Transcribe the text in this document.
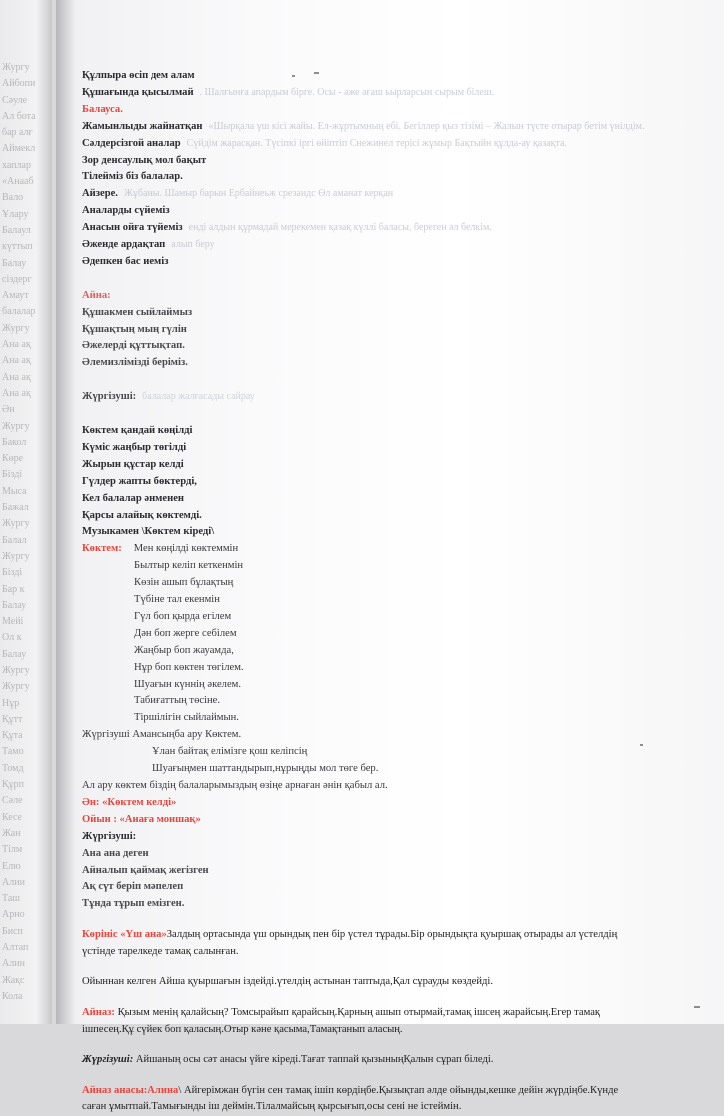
Жургу
Айбопи
Сәуле
Ал бота
бар алғ
Аймекл
хаплар
«Анааб
Вало
Ұлару
Балаул
күттып
Балау
сіздерг
Амаут
балалар
Жургу
Ана ақ
Ана ақ
Ана ақ
Ана ақ
Ән
Жургу
Бакол
Көре
Бізді
Мыса
Бажал
Жургу
Балал
Жургу
Бізді
Бар к
Балау
Мейі
Ол к
Балау
Жургу
Жургу
Нұр
Құтт
Құта
Тамо
Томд
Құрп
Сәле
Кесе
Жан
Тілм
Елю
Алии
Таш
Арно
Бисп
Алтап
Алин
Жақс
Кола
Құлпыра өсіп дем алам
Құшағында қысылмай . Шалғынға апардым бірге. Осы - әже ағаш ьырларсын сырым білеш.
Балауса.
Жамынлыды жайнатқан «Шырқала үш кісі жайы. Ел-жұртымның ебі. Бегіллер қыз тізімі – Жалын түсте отырар бетім үнілдім.
Сәлдерсізгой аналар Сүйдім жарасқан. Түсіпкі іргі өйіптіп Снежинел терісі жұмыр Бақтыйн құлда-ау қазақта.
Зор денсаулық мол бақыт
Тілейміз біз балалар.
Айзере. Жұбаны. Шамыр барын Ербайнеьж срезандс Өл аманат керқан
Аналарды сүйеміз
Анасын ойға түйеміз енді алдын құрмадай мерекемен қазақ күллі баласы, береген әл белкім.
Әженде ардақтап алып беру
Әдепкен бас иеміз
Айна:
Құшакмен сыйлаймыз
Құшақтың мың гүлін
Әжелерді құттықтап.
Әлемизлімізді беріміз.
Жүргізуші: балалар жалғасады сайрау
Көктем қандай көңілді
Күміс жаңбыр төгілді
Жырын құстар келді
Гүлдер жапты бөктерді,
Кел балалар әнменен
Қарсы алайық көктемді.
Музыкамен \Көктем кіреді\
Көктем: Мен көңілді көктеммін
Былтыр келіп кеткенмін
Көзін ашып бұлақтың
Түбіне тал екенмін
Гүл боп қырда егілем
Дән боп жерге себілем
Жаңбыр боп жауамда,
Нұр боп көктен төгілем.
Шуағын күннің әкелем.
Табиғаттың төсіне.
Тіршілігін сыйлаймын.
Жүргізуші Амансыңба ару Көктем.
Ұлан байтақ елімізге қош келіпсің
Шуағыңмен шаттандырып,нұрыңды мол төге бер.
Ал ару көктем біздің балаларымыздың өзіңе арнаған әнін қабыл ал.
Ән: «Көктем келді»
Ойын : «Анаға моншақ»
Жүргізуші:
Ана ана деген
Айналып қаймақ жегізген
Ақ сүт беріп мәпелеп
Тұнда тұрып емізген.
Көрініс «Үш ана»Залдың ортасында үш орындық пен бір үстел тұрады.Бір орындықта қуыршақ отырады ал үстелдің үстінде тарелкеде тамақ салынған.
Ойыннан келген Айша қуыршағын іздейді.үтелдің астынан таптыда,Қал сұрауды көздейді.
Айназ: Қызым менің қалайсың? Томсырайып қарайсың.Қарның ашып отырмай,тамақ ішсең жарайсың.Егер тамақ ішпесең.Құ сүйек боп қаласың.Отыр кәне қасыма,Тамақтанып аласың.
Жүргізуші: Айшаның осы сәт анасы үйге кіреді.Тағат таппай қызыныңҚалын сұрап біледі.
Айназ анасы:Алина\ Айгерімжан бүгін сен тамақ ішіп көрдіңбе.Қызықтап әлде ойынды,кешке дейін жүрдіңбе.Күнде саған ұмытпай.Тамығынды іш деймін.Тілалмайсың қырсығып,осы сені не істеймін.
